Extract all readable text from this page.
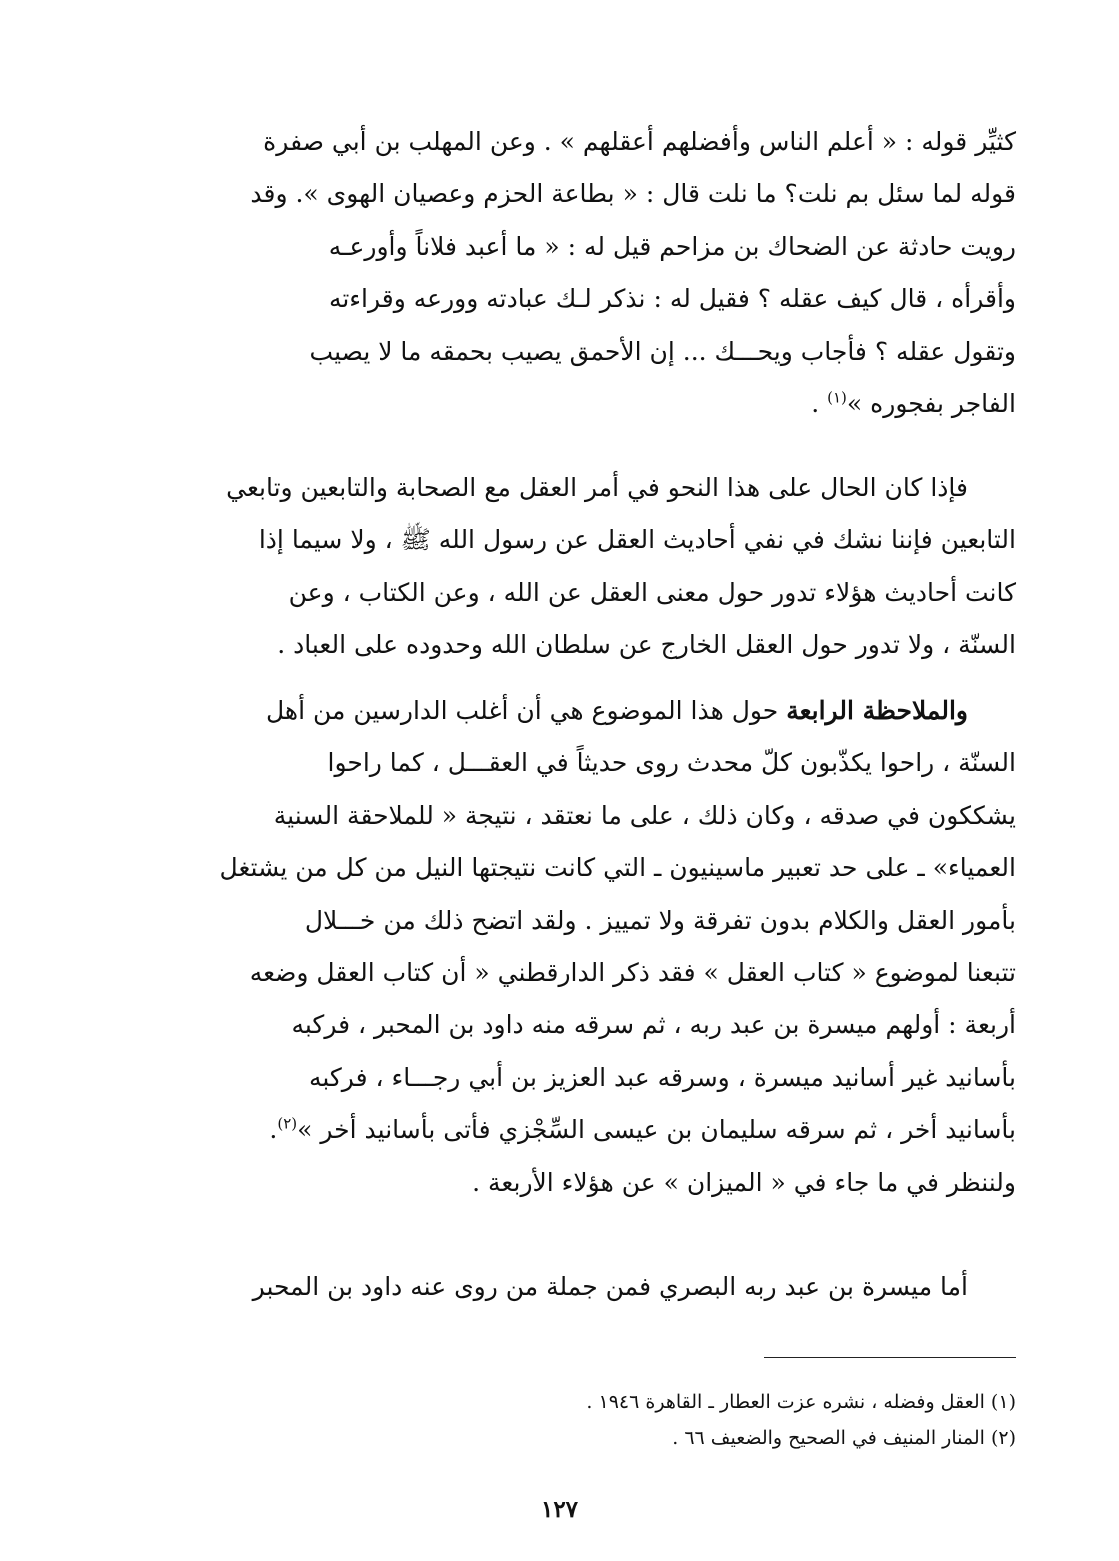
كثيِّر قوله : « أعلم الناس وأفضلهم أعقلهم » . وعن المهلب بن أبي صفرة
قوله لما سئل بم نلت؟ ما نلت قال : « بطاعة الحزم وعصيان الهوى ». وقد
رويت حادثة عن الضحاك بن مزاحم قيل له : « ما أعبد فلاناً وأورعـه
وأقرأه ، قال كيف عقله ؟ فقيل له : نذكر لـك عبادته وورعه وقراءته
وتقول عقله ؟ فأجاب ويحـــك ... إن الأحمق يصيب بحمقه ما لا يصيب
الفاجر بفجوره »$^{(١)}$ .
فإذا كان الحال على هذا النحو في أمر العقل مع الصحابة والتابعين وتابعي
التابعين فإننا نشك في نفي أحاديث العقل عن رسول الله ﷺ ، ولا سيما إذا
كانت أحاديث هؤلاء تدور حول معنى العقل عن الله ، وعن الكتاب ، وعن
السنّة ، ولا تدور حول العقل الخارج عن سلطان الله وحدوده على العباد .
والملاحظة الرابعة حول هذا الموضوع هي أن أغلب الدارسين من أهل
السنّة ، راحوا يكذّبون كلّ محدث روى حديثاً في العقـــل ، كما راحوا
يشككون في صدقه ، وكان ذلك ، على ما نعتقد ، نتيجة « للملاحقة السنية
العمياء» ـ على حد تعبير ماسينيون ـ التي كانت نتيجتها النيل من كل من يشتغل
بأمور العقل والكلام بدون تفرقة ولا تمييز . ولقد اتضح ذلك من خـــلال
تتبعنا لموضوع « كتاب العقل » فقد ذكر الدارقطني « أن كتاب العقل وضعه
أربعة : أولهم ميسرة بن عبد ربه ، ثم سرقه منه داود بن المحبر ، فركبه
بأسانيد غير أسانيد ميسرة ، وسرقه عبد العزيز بن أبي رجـــاء ، فركبه
بأسانيد أخر ، ثم سرقه سليمان بن عيسى السِّجْزي فأتى بأسانيد أخر »$^{(٢)}$.
ولننظر في ما جاء في « الميزان » عن هؤلاء الأربعة .
أما ميسرة بن عبد ربه البصري فمن جملة من روى عنه داود بن المحبر
(١) العقل وفضله ، نشره عزت العطار ـ القاهرة ١٩٤٦ .
(٢) المنار المنيف في الصحيح والضعيف ٦٦ .
١٢٧
